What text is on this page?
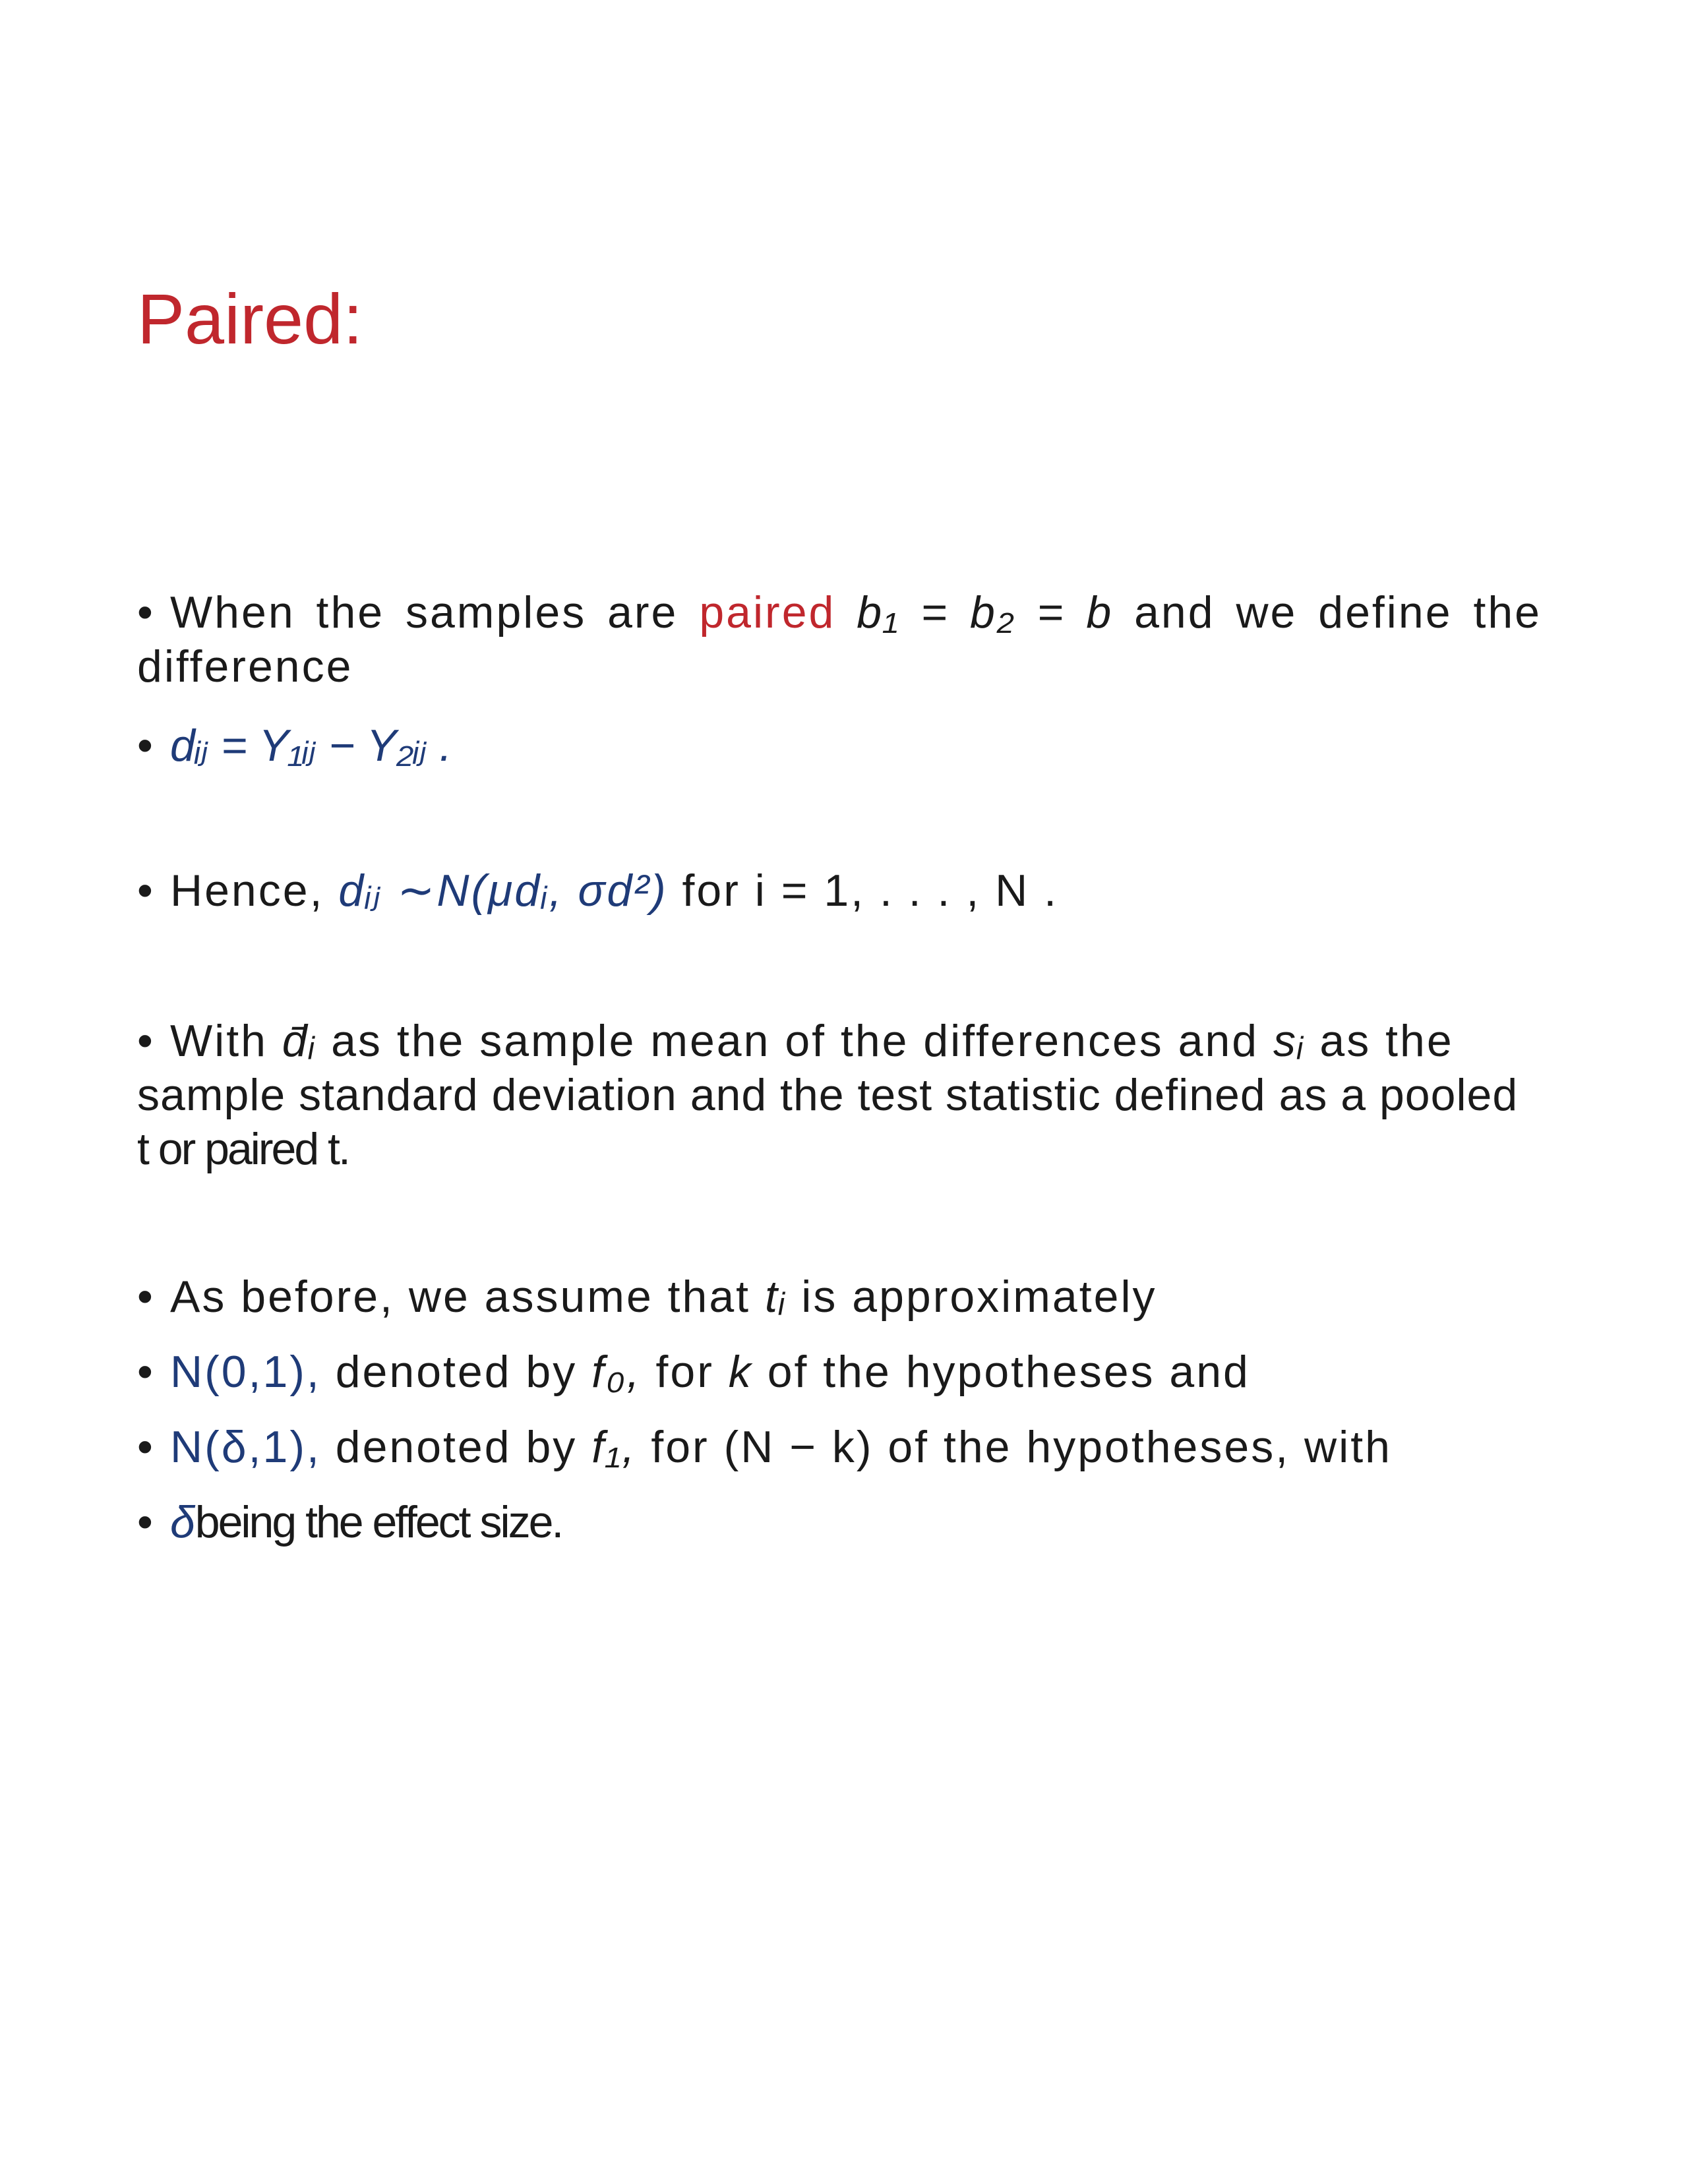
Paired:
• When the samples are paired b₁ = b₂ = b and we define the difference
• dᵢⱼ = Y₁ᵢⱼ − Y₂ᵢⱼ .
• Hence, dᵢⱼ ∼N(μdᵢ, σd²) for i = 1, . . . , N .
• With d̄ᵢ as the sample mean of the differences and sᵢ as the
sample standard deviation and the test statistic defined as a pooled
t or paired t.
• As before, we assume that tᵢ is approximately
• N(0,1), denoted by f₀, for k of the hypotheses and
• N(δ,1), denoted by f₁, for (N − k) of the hypotheses, with
• δbeing the effect size.
